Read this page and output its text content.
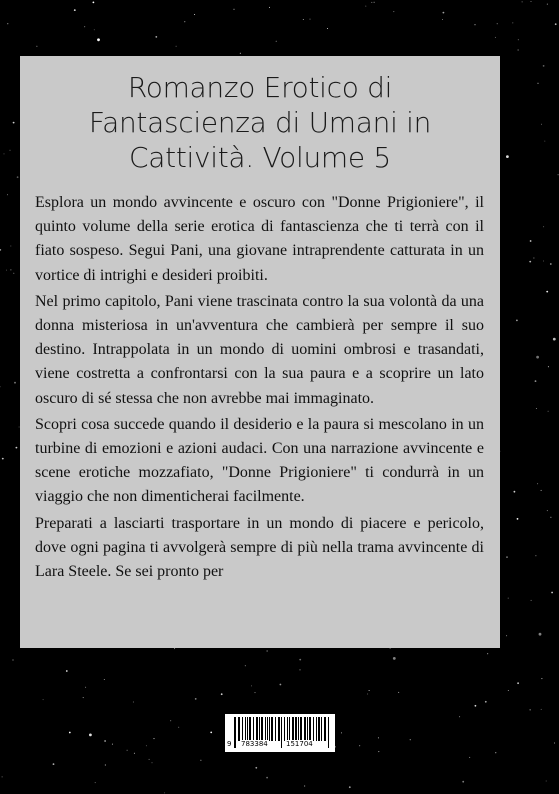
Romanzo Erotico di
Fantascienza di Umani in
Cattività. Volume 5

Esplora un mondo avvincente e oscuro con "Donne Prigioniere", il quinto volume della serie erotica di fantascienza che ti terrà con il fiato sospeso. Segui Pani, una giovane intraprendente catturata in un vortice di intrighi e desideri proibiti.

Nel primo capitolo, Pani viene trascinata contro la sua volontà da una donna misteriosa in un'avventura che cambierà per sempre il suo destino. Intrappolata in un mondo di uomini ombrosi e trasandati, viene costretta a confrontarsi con la sua paura e a scoprire un lato oscuro di sé stessa che non avrebbe mai immaginato.

Scopri cosa succede quando il desiderio e la paura si mescolano in un turbine di emozioni e azioni audaci. Con una narrazione avvincente e scene erotiche mozzafiato, "Donne Prigioniere" ti condurrà in un viaggio che non dimenticherai facilmente.

Preparati a lasciarti trasportare in un mondo di piacere e pericolo, dove ogni pagina ti avvolgerà sempre di più nella trama avvincente di Lara Steele. Se sei pronto per

9 783384	151704
